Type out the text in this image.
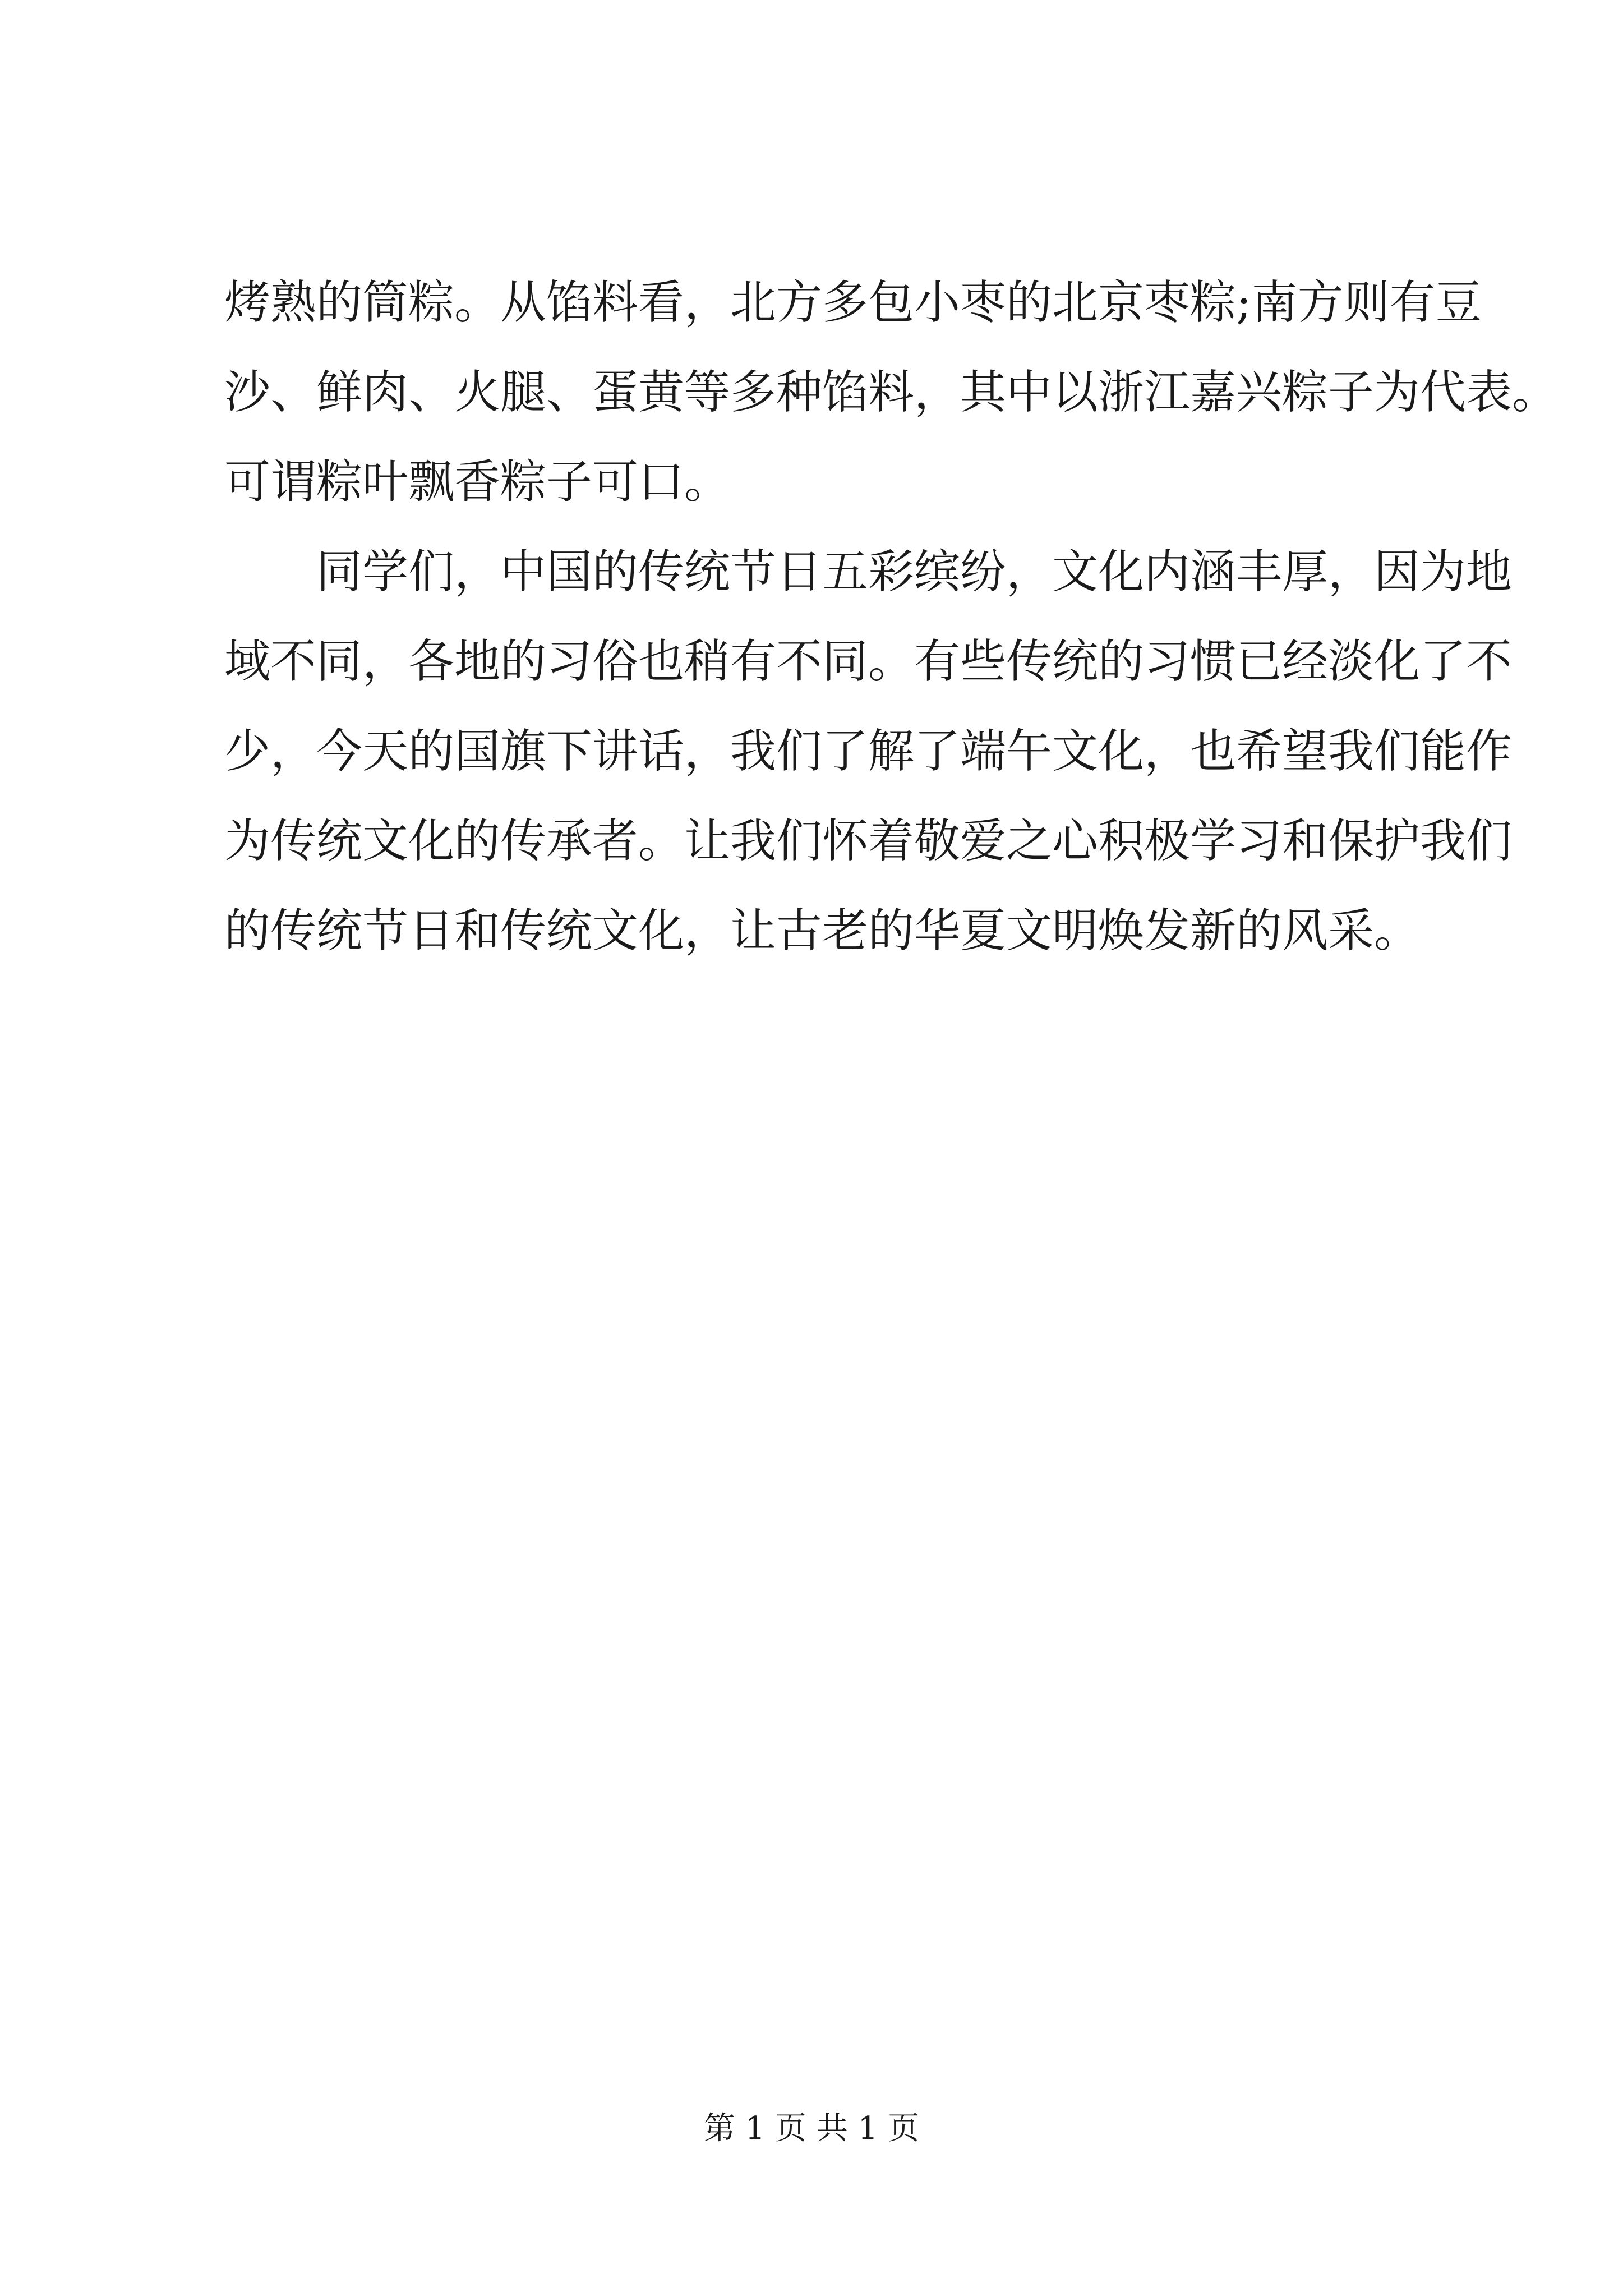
烤熟的筒粽。从馅料看，北方多包小枣的北京枣粽;南方则有豆
沙、鲜肉、火腿、蛋黄等多种馅料，其中以浙江嘉兴粽子为代表。
可谓粽叶飘香粽子可口。
同学们，中国的传统节日五彩缤纷，文化内涵丰厚，因为地
域不同，各地的习俗也稍有不同。有些传统的习惯已经淡化了不
少，今天的国旗下讲话，我们了解了端午文化，也希望我们能作
为传统文化的传承者。让我们怀着敬爱之心积极学习和保护我们
的传统节日和传统文化，让古老的华夏文明焕发新的风采。
第 1 页 共 1 页
